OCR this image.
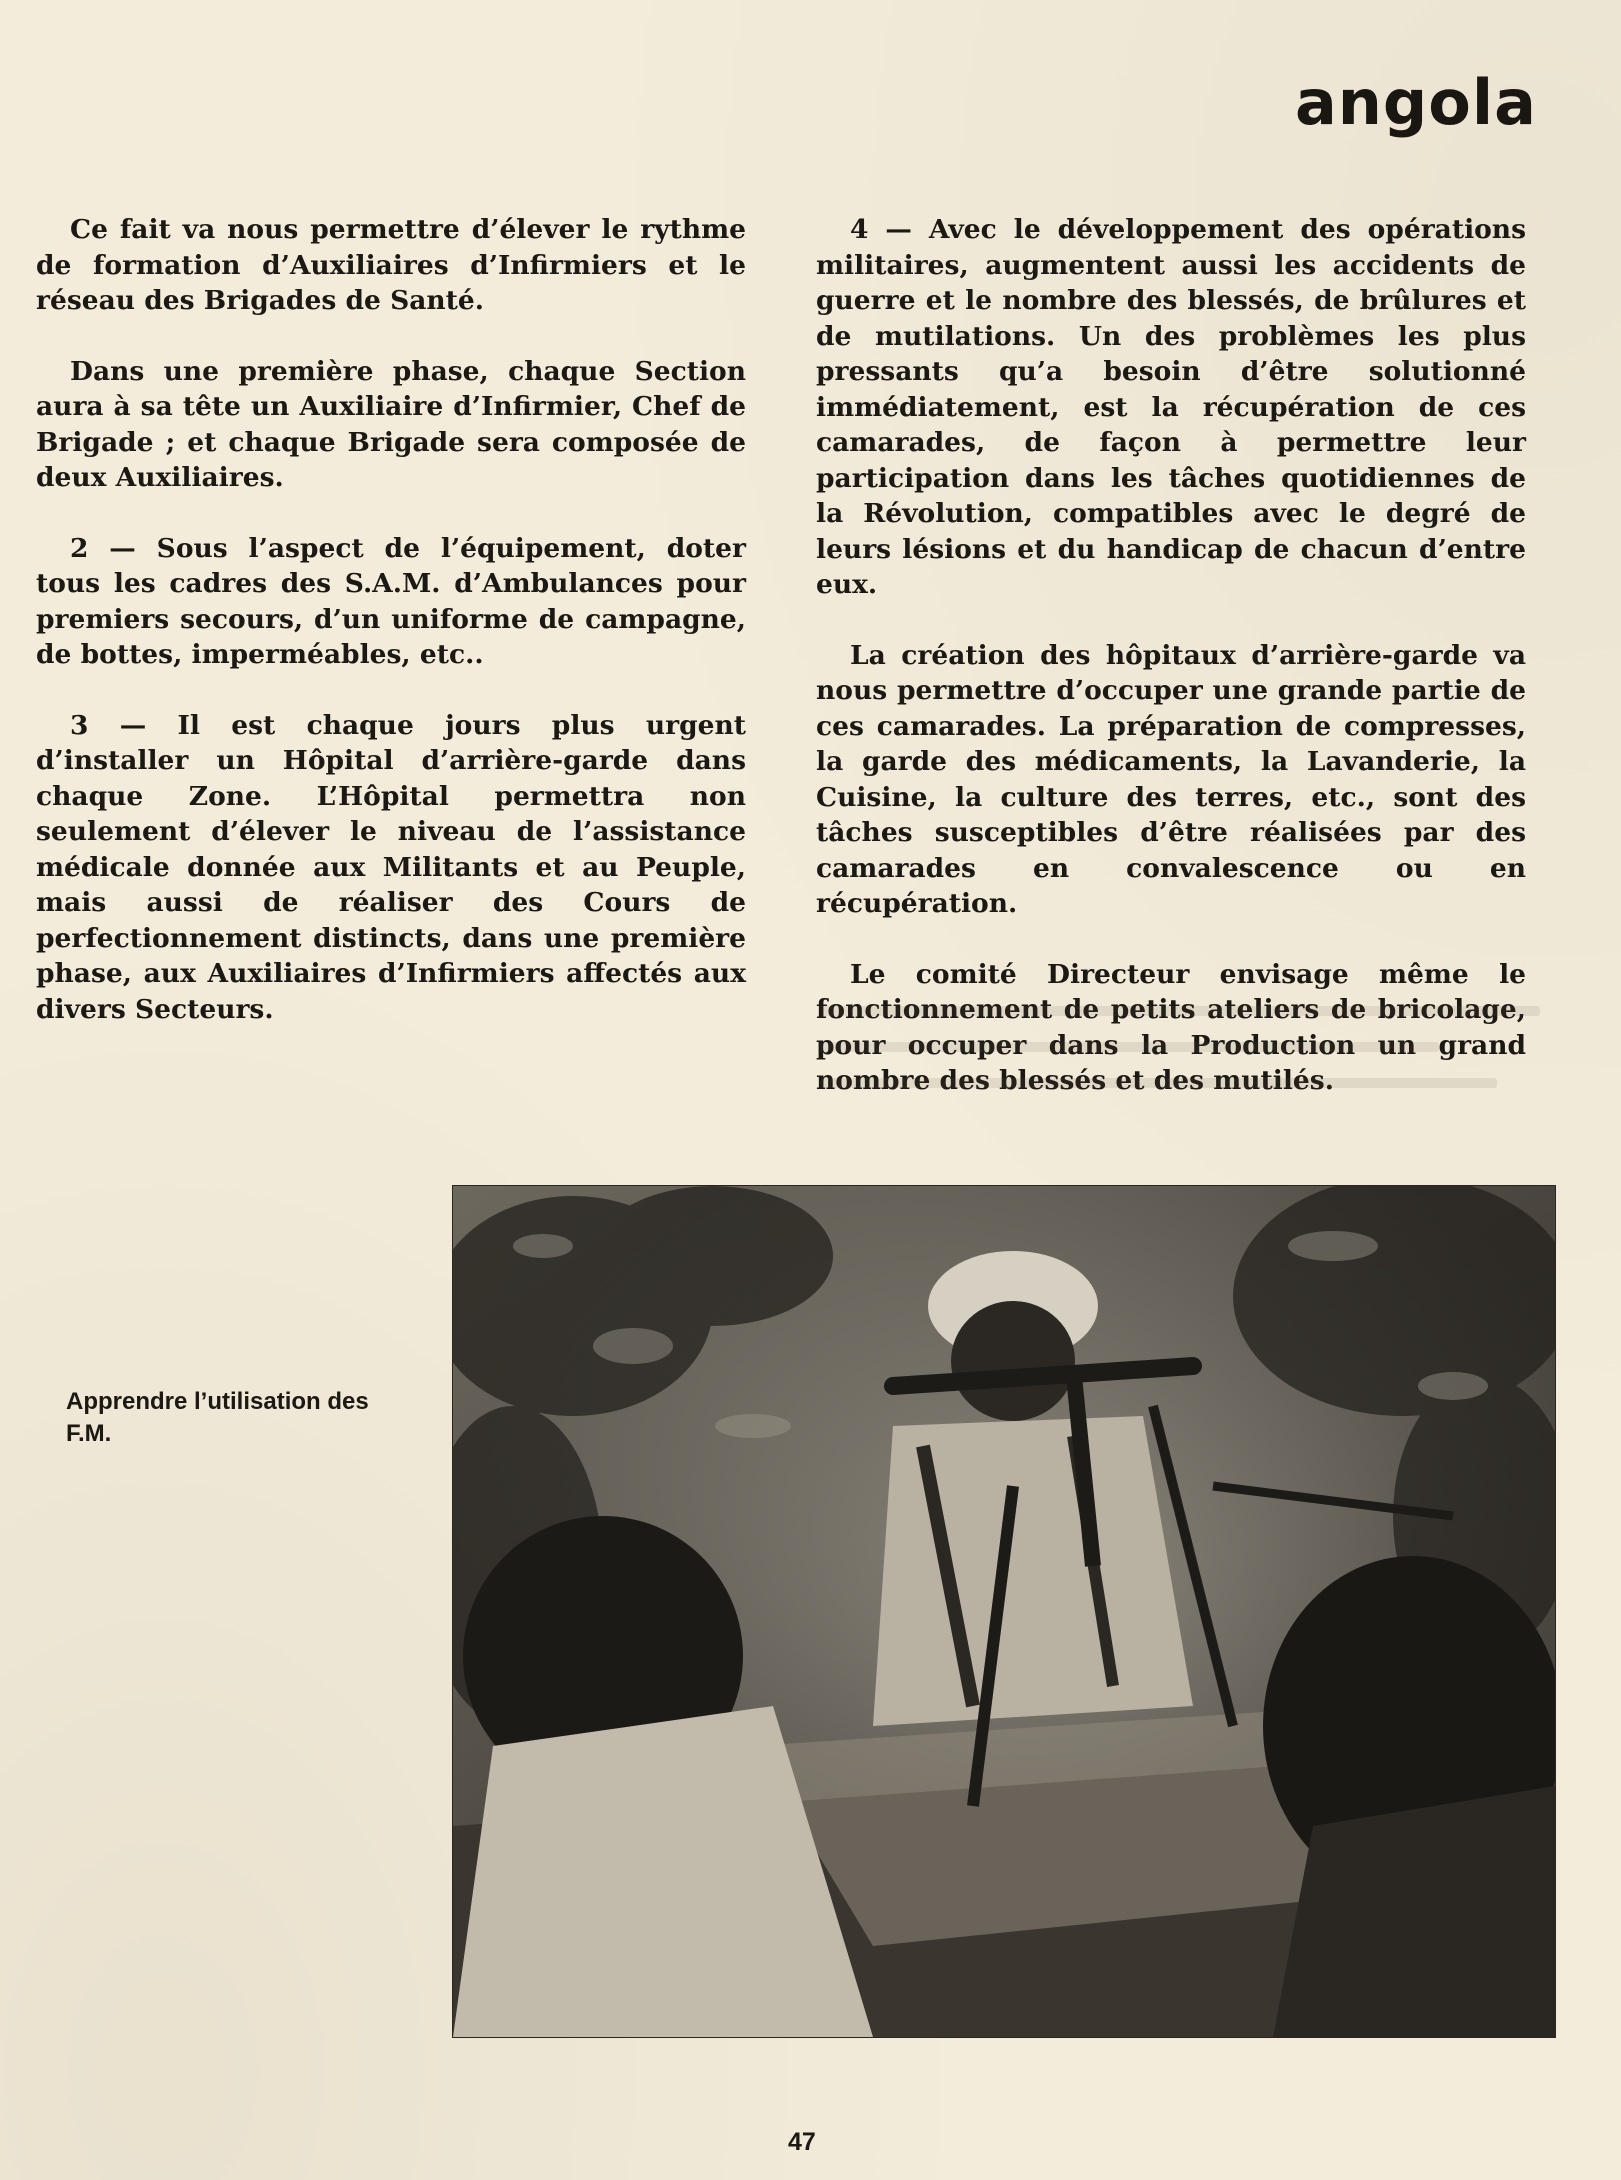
angola

Ce fait va nous permettre d’élever le rythme de formation d’Auxiliaires d’Infirmiers et le réseau des Brigades de Santé.

Dans une première phase, chaque Section aura à sa tête un Auxiliaire d’Infirmier, Chef de Brigade ; et chaque Brigade sera composée de deux Auxiliaires.

2 — Sous l’aspect de l’équipement, doter tous les cadres des S.A.M. d’Ambulances pour premiers secours, d’un uniforme de campagne, de bottes, imperméables, etc..

3 — Il est chaque jours plus urgent d’installer un Hôpital d’arrière-garde dans chaque Zone. L’Hôpital permettra non seulement d’élever le niveau de l’assistance médicale donnée aux Militants et au Peuple, mais aussi de réaliser des Cours de perfectionnement distincts, dans une première phase, aux Auxiliaires d’Infirmiers affectés aux divers Secteurs.

4 — Avec le développement des opérations militaires, augmentent aussi les accidents de guerre et le nombre des blessés, de brûlures et de mutilations. Un des problèmes les plus pressants qu’a besoin d’être solutionné immédiatement, est la récupération de ces camarades, de façon à permettre leur participation dans les tâches quotidiennes de la Révolution, compatibles avec le degré de leurs lésions et du handicap de chacun d’entre eux.

La création des hôpitaux d’arrière-garde va nous permettre d’occuper une grande partie de ces camarades. La préparation de compresses, la garde des médicaments, la Lavanderie, la Cuisine, la culture des terres, etc., sont des tâches susceptibles d’être réalisées par des camarades en convalescence ou en récupération.

Le comité Directeur envisage même le fonctionnement de petits ateliers de bricolage, pour occuper dans la Production un grand nombre des blessés et des mutilés.

Apprendre l’utilisation des F.M.
47
